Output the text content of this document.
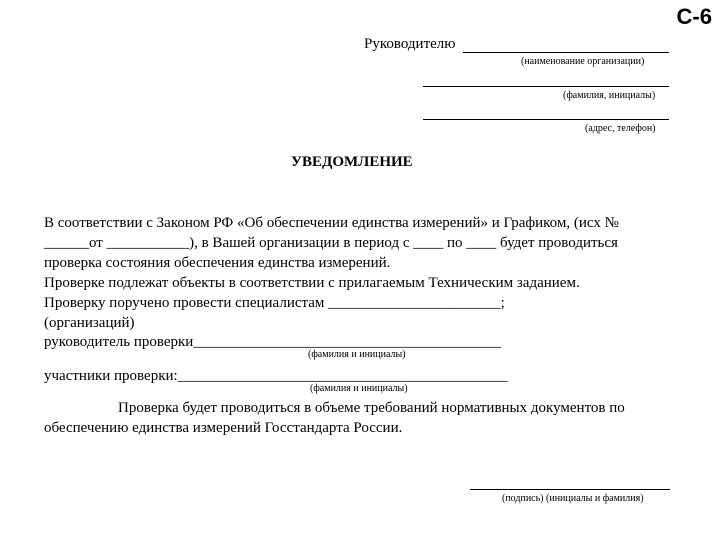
С-6
Руководителю
(наименование организации)
(фамилия, инициалы)
(адрес, телефон)
УВЕДОМЛЕНИЕ
В соответствии с Законом РФ «Об обеспечении единства измерений» и Графиком, (исх №
______от ___________), в Вашей организации в период с ____ по ____ будет проводиться
проверка состояния обеспечения единства измерений.
Проверке подлежат объекты в соответствии с прилагаемым Техническим заданием.
Проверку поручено провести специалистам _______________________;
(организаций)
руководитель проверки_________________________________________
(фамилия и инициалы)
участники проверки:____________________________________________
(фамилия и инициалы)
Проверка будет проводиться в объеме требований нормативных документов по
обеспечению единства измерений Госстандарта России.
(подпись) (инициалы и фамилия)
